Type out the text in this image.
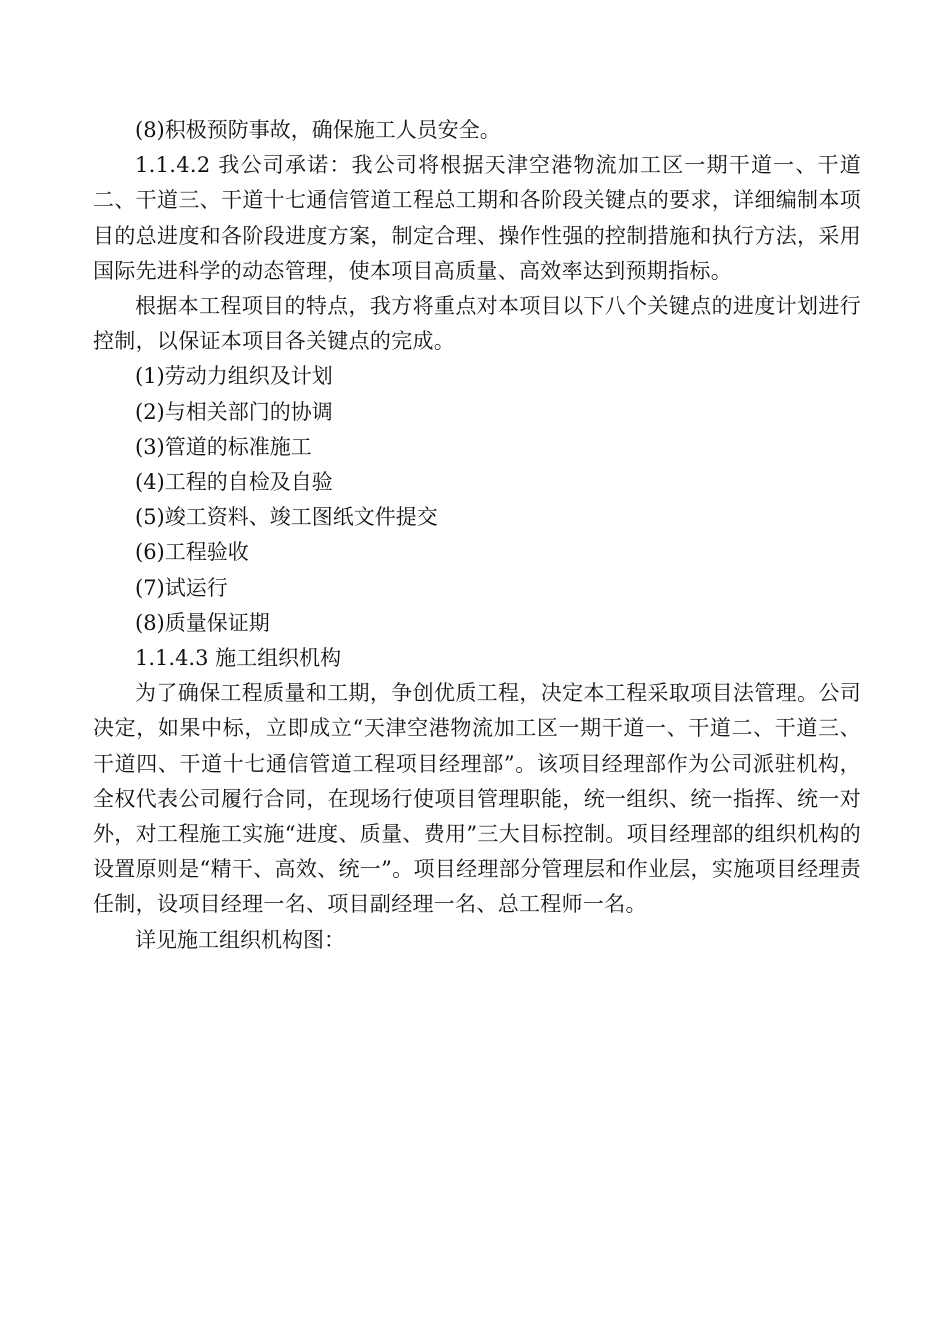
(8)积极预防事故，确保施工人员安全。

1.1.4.2 我公司承诺：我公司将根据天津空港物流加工区一期干道一、干道二、干道三、干道十七通信管道工程总工期和各阶段关键点的要求，详细编制本项目的总进度和各阶段进度方案，制定合理、操作性强的控制措施和执行方法，采用国际先进科学的动态管理，使本项目高质量、高效率达到预期指标。

根据本工程项目的特点，我方将重点对本项目以下八个关键点的进度计划进行控制，以保证本项目各关键点的完成。

(1)劳动力组织及计划

(2)与相关部门的协调

(3)管道的标准施工

(4)工程的自检及自验

(5)竣工资料、竣工图纸文件提交

(6)工程验收

(7)试运行

(8)质量保证期

1.1.4.3 施工组织机构

为了确保工程质量和工期，争创优质工程，决定本工程采取项目法管理。公司决定，如果中标，立即成立“天津空港物流加工区一期干道一、干道二、干道三、干道四、干道十七通信管道工程项目经理部”。该项目经理部作为公司派驻机构，全权代表公司履行合同，在现场行使项目管理职能，统一组织、统一指挥、统一对外，对工程施工实施“进度、质量、费用”三大目标控制。项目经理部的组织机构的设置原则是“精干、高效、统一”。项目经理部分管理层和作业层，实施项目经理责任制，设项目经理一名、项目副经理一名、总工程师一名。

详见施工组织机构图：
